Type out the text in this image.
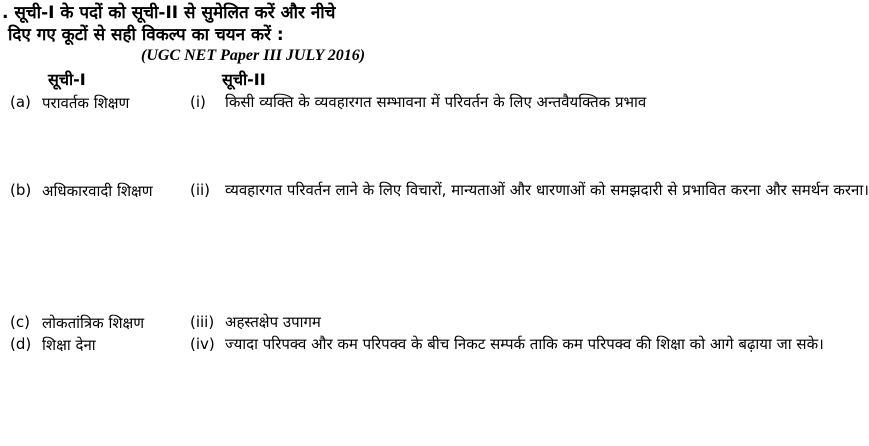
. सूची-I के पदों को सूची-II से सुमेलित करें और नीचे
दिए गए कूटों से सही विकल्प का चयन करें :
(UGC NET Paper III JULY 2016)
सूची-I	सूची-II
(a) परावर्तक शिक्षण
(b) अधिकारवादी शिक्षण
(c) लोकतांत्रिक शिक्षण
(d) शिक्षा देना
(i) किसी व्यक्ति के व्यवहारगत सम्भावना में परिवर्तन के लिए अन्तवैयक्तिक प्रभाव
(ii) व्यवहारगत परिवर्तन लाने के लिए विचारों, मान्यताओं और धारणाओं को समझदारी से प्रभावित करना और समर्थन करना।
(iii) अहस्तक्षेप उपागम
(iv) ज्यादा परिपक्व और कम परिपक्व के बीच निकट सम्पर्क ताकि कम परिपक्व की शिक्षा को आगे बढ़ाया जा सके।
